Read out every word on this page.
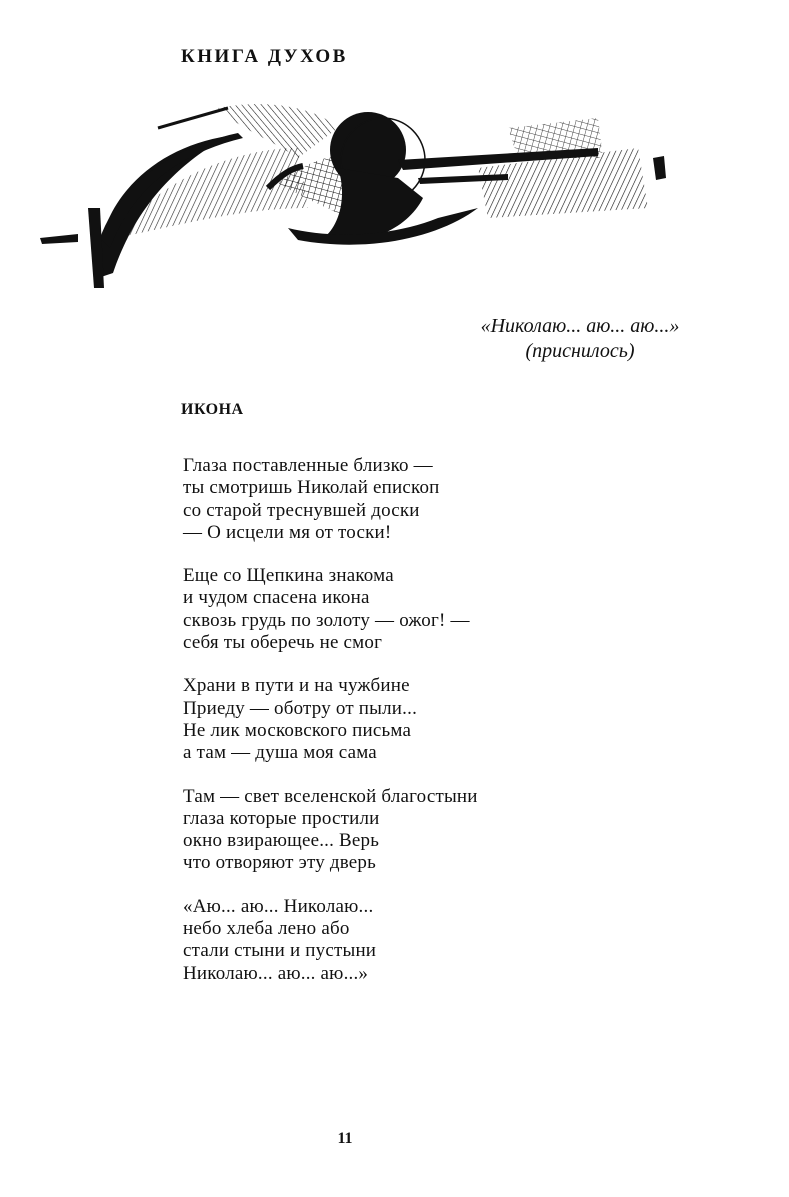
КНИГА ДУХОВ
«Николаю... аю... аю...»
(приснилось)
ИКОНА
Глаза поставленные близко —
ты смотришь Николай епископ
со старой треснувшей доски
— О исцели мя от тоски!
Еще со Щепкина знакома
и чудом спасена икона
сквозь грудь по золоту — ожог! —
себя ты оберечь не смог
Храни в пути и на чужбине
Приеду — оботру от пыли...
Не лик московского письма
а там — душа моя сама
Там — свет вселенской благостыни
глаза которые простили
окно взирающее... Верь
что отворяют эту дверь
«Аю... аю... Николаю...
небо хлеба лено або
стали стыни и пустыни
Николаю... аю... аю...»
11
